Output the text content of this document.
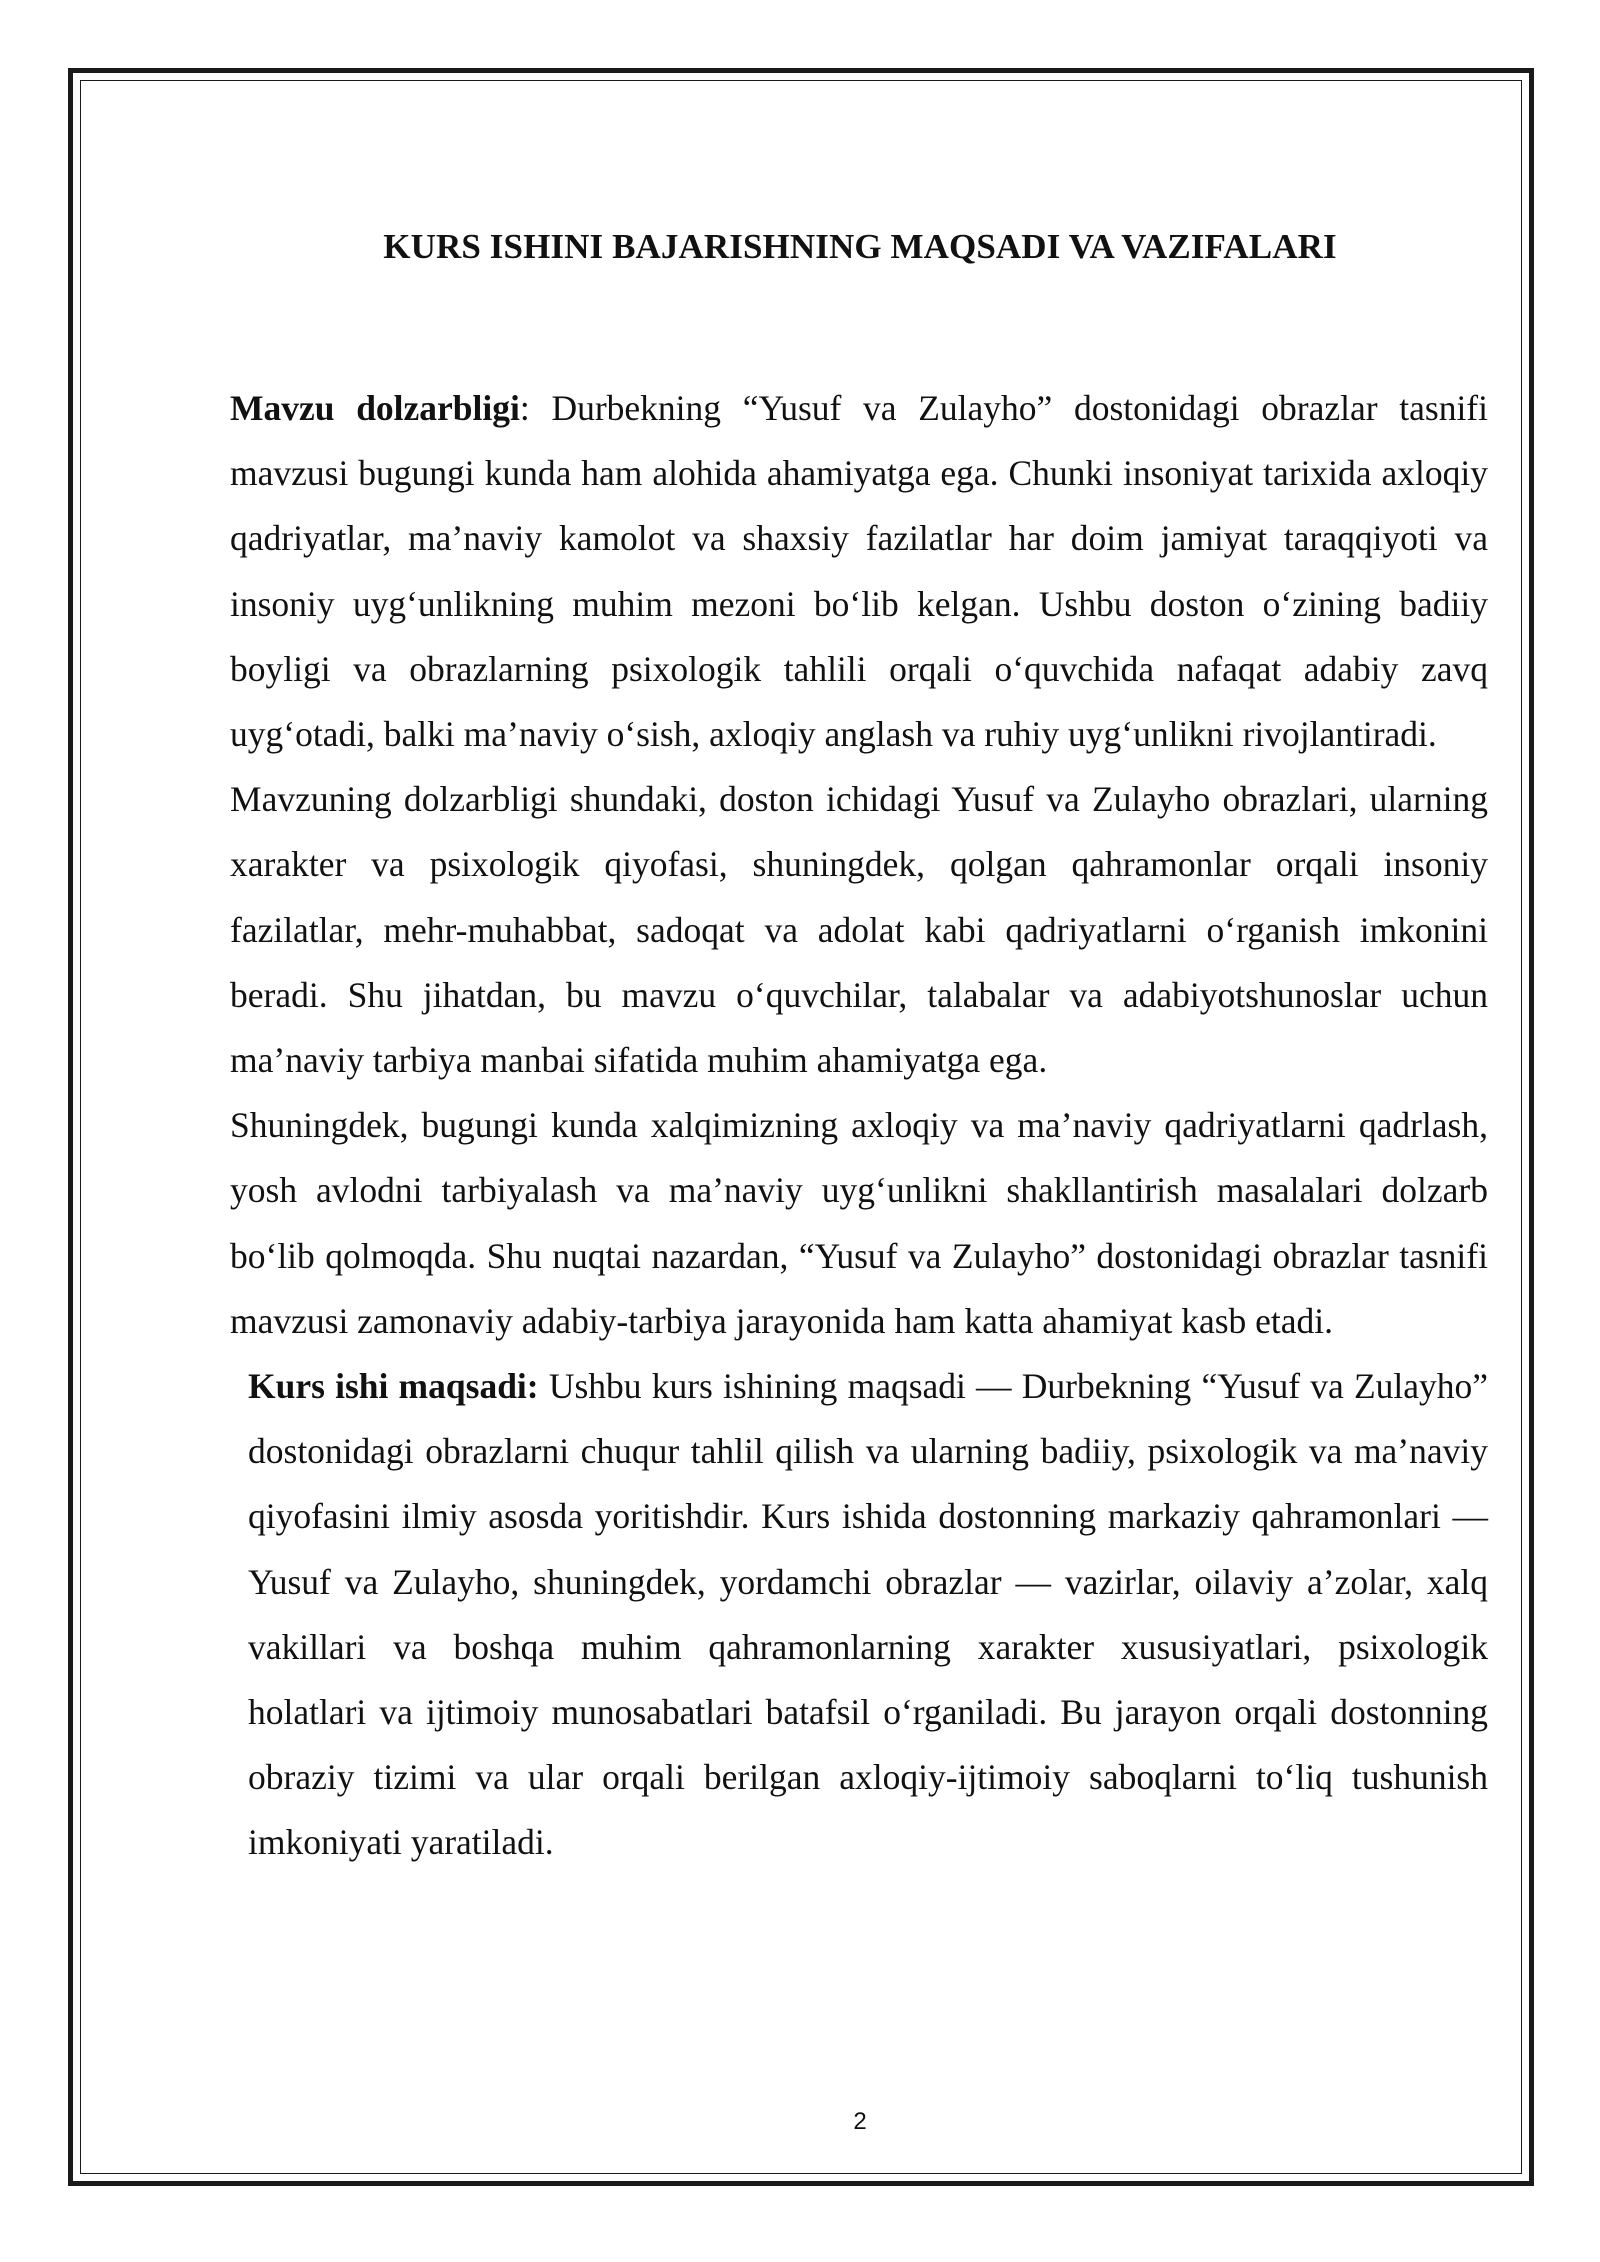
KURS ISHINI BAJARISHNING MAQSADI VA VAZIFALARI

Mavzu dolzarbligi: Durbekning “Yusuf va Zulayho” dostonidagi obrazlar tasnifi mavzusi bugungi kunda ham alohida ahamiyatga ega. Chunki insoniyat tarixida axloqiy qadriyatlar, ma’naviy kamolot va shaxsiy fazilatlar har doim jamiyat taraqqiyoti va insoniy uyg‘unlikning muhim mezoni bo‘lib kelgan. Ushbu doston o‘zining badiiy boyligi va obrazlarning psixologik tahlili orqali o‘quvchida nafaqat adabiy zavq uyg‘otadi, balki ma’naviy o‘sish, axloqiy anglash va ruhiy uyg‘unlikni rivojlantiradi.

Mavzuning dolzarbligi shundaki, doston ichidagi Yusuf va Zulayho obrazlari, ularning xarakter va psixologik qiyofasi, shuningdek, qolgan qahramonlar orqali insoniy fazilatlar, mehr-muhabbat, sadoqat va adolat kabi qadriyatlarni o‘rganish imkonini beradi. Shu jihatdan, bu mavzu o‘quvchilar, talabalar va adabiyotshunoslar uchun ma’naviy tarbiya manbai sifatida muhim ahamiyatga ega.

Shuningdek, bugungi kunda xalqimizning axloqiy va ma’naviy qadriyatlarni qadrlash, yosh avlodni tarbiyalash va ma’naviy uyg‘unlikni shakllantirish masalalari dolzarb bo‘lib qolmoqda. Shu nuqtai nazardan, “Yusuf va Zulayho” dostonidagi obrazlar tasnifi mavzusi zamonaviy adabiy-tarbiya jarayonida ham katta ahamiyat kasb etadi.

Kurs ishi maqsadi: Ushbu kurs ishining maqsadi — Durbekning “Yusuf va Zulayho” dostonidagi obrazlarni chuqur tahlil qilish va ularning badiiy, psixologik va ma’naviy qiyofasini ilmiy asosda yoritishdir. Kurs ishida dostonning markaziy qahramonlari — Yusuf va Zulayho, shuningdek, yordamchi obrazlar — vazirlar, oilaviy a’zolar, xalq vakillari va boshqa muhim qahramonlarning xarakter xususiyatlari, psixologik holatlari va ijtimoiy munosabatlari batafsil o‘rganiladi. Bu jarayon orqali dostonning obraziy tizimi va ular orqali berilgan axloqiy-ijtimoiy saboqlarni to‘liq tushunish imkoniyati yaratiladi.

2
